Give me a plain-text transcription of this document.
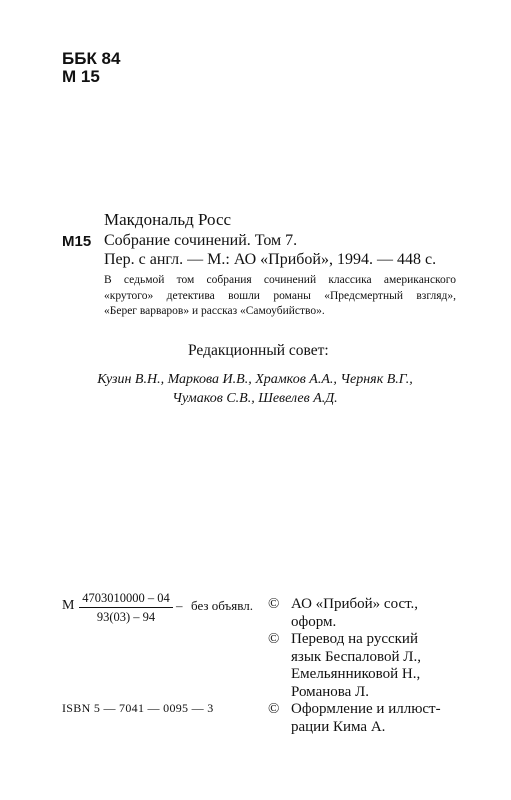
ББК 84
М 15
Макдональд Росс
М15 Собрание сочинений. Том 7.
Пер. с англ. — М.: АО «Прибой», 1994. — 448 с.
В седьмой том собрания сочинений классика американского
«крутого» детектива вошли романы «Предсмертный взгляд»,
«Берег варваров» и рассказ «Самоубийство».
Редакционный совет:
Кузин В.Н., Маркова И.В., Храмков А.А., Черняк В.Г.,
Чумаков С.В., Шевелев А.Д.
М $\frac{4703010000 - 04}{93(03) - 94}$ – без объявл. © АО «Прибой» сост.,
оформ.
© Перевод на русский
язык Беспаловой Л.,
Емельянниковой Н.,
Романова Л.
© Оформление и иллюст-
рации Кима А.
ISBN 5 — 7041 — 0095 — 3
